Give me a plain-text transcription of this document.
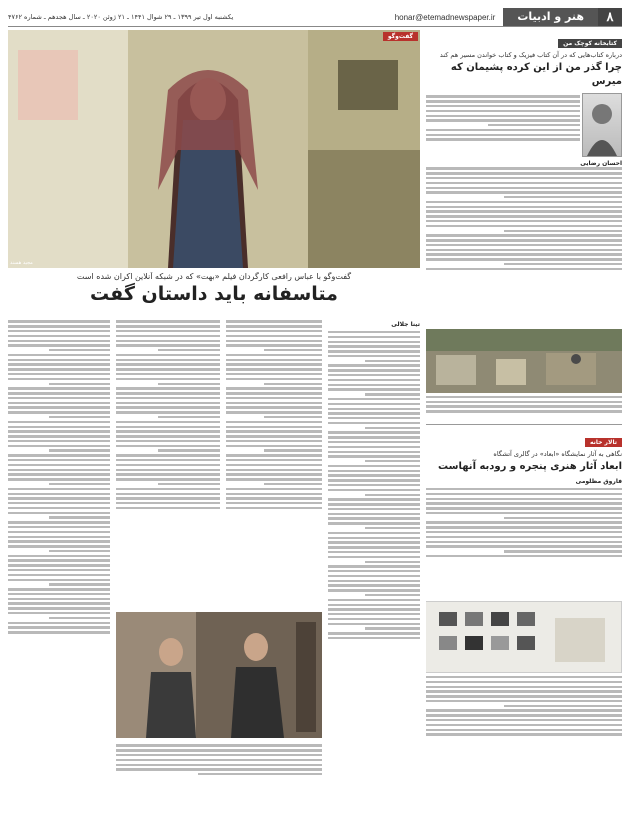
۸
هنر و ادبیات
honar@etemadnewspaper.ir
یکشنبه اول تیر ۱۳۹۹ ـ ۲۹ شوال ۱۴۴۱ ـ ۲۱ ژوئن ۲۰۲۰ ـ سال هجدهم ـ شماره ۴۷۶۲
کتابخانه کوچک من
درباره کتاب‌هایی که در آن کتاب فیزیک و کتاب خواندن مسیر هم کند
چرا گذر من از این کرده پشیمان که میرس
احسان رضایی
گفت‌وگو
مجید هسند
گفت‌وگو با عباس رافعی کارگردان فیلم «بهت» که در شبکه آنلاین اکران شده است
متاسفانه باید داستان گفت
تینا جلالی
تالار خانه
نگاهی به آثار نمایشگاه «ابعاد» در گالری آتشگاه
ابعاد آثار هنری پنجره و رودبه آنهاست
فاروق مظلومی
